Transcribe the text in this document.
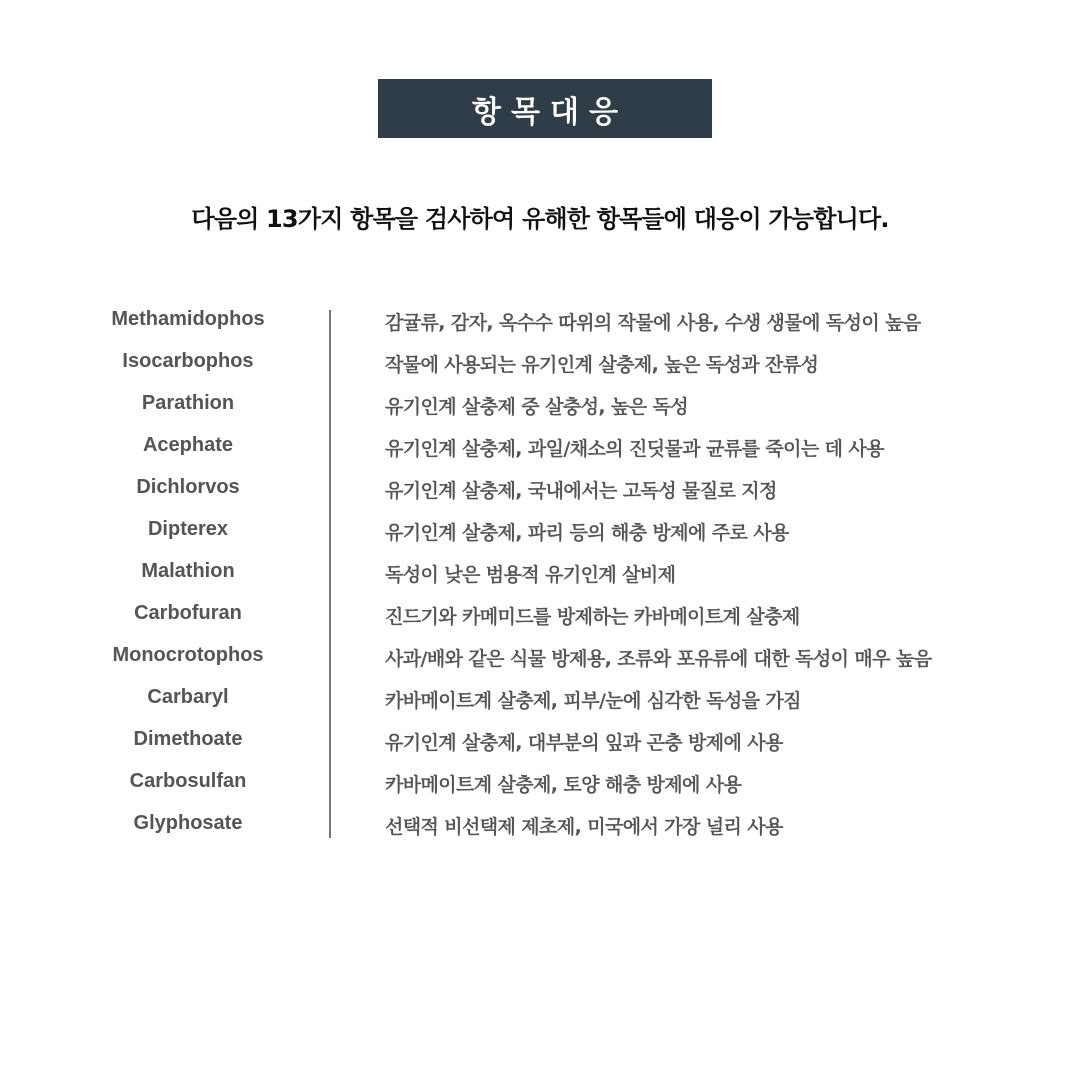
항목대응
다음의 13가지 항목을 검사하여 유해한 항목들에 대응이 가능합니다.
Methamidophos	감귤류, 감자, 옥수수 따위의 작물에 사용, 수생 생물에 독성이 높음
Isocarbophos	작물에 사용되는 유기인계 살충제, 높은 독성과 잔류성
Parathion	유기인계 살충제 중 살충성, 높은 독성
Acephate	유기인계 살충제, 과일/채소의 진딧물과 균류를 죽이는 데 사용
Dichlorvos	유기인계 살충제, 국내에서는 고독성 물질로 지정
Dipterex	유기인계 살충제, 파리 등의 해충 방제에 주로 사용
Malathion	독성이 낮은 범용적 유기인계 살비제
Carbofuran	진드기와 카메미드를 방제하는 카바메이트계 살충제
Monocrotophos	사과/배와 같은 식물 방제용, 조류와 포유류에 대한 독성이 매우 높음
Carbaryl	카바메이트계 살충제, 피부/눈에 심각한 독성을 가짐
Dimethoate	유기인계 살충제, 대부분의 잎과 곤충 방제에 사용
Carbosulfan	카바메이트계 살충제, 토양 해충 방제에 사용
Glyphosate	선택적 비선택제 제초제, 미국에서 가장 널리 사용
